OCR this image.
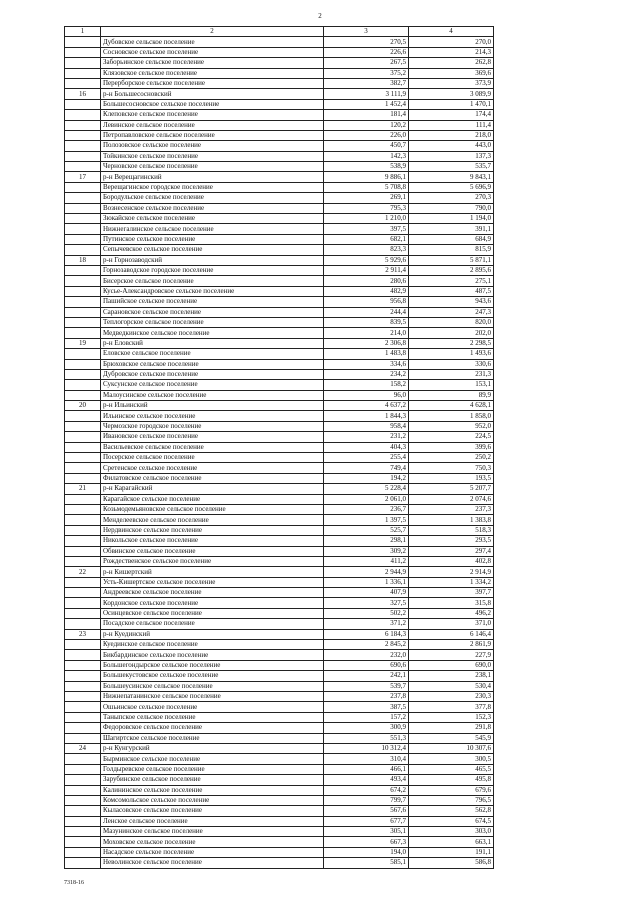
2
1	2	3	4
	Дубовское сельское поселение	270,5	270,0
	Сосновское сельское поселение	226,6	214,3
	Заборьинское сельское поселение	267,5	262,8
	Клязовское сельское поселение	375,2	369,6
	Перерборское сельское поселение	382,7	373,9
16	р-н Большесосновский	3 111,9	3 089,9
	Большесосновское сельское поселение	1 452,4	1 470,1
	Клеповское сельское поселение	181,4	174,4
	Левинское сельское поселение	120,2	111,4
	Петропавловское сельское поселение	226,0	218,0
	Полозовское сельское поселение	450,7	443,0
	Тойкинское сельское поселение	142,3	137,3
	Черновское сельское поселение	538,9	535,7
17	р-н Верещагинский	9 886,1	9 843,1
	Верещагинское городское поселение	5 708,8	5 696,9
	Бородульское сельское поселение	269,1	270,3
	Вознесенское сельское поселение	795,3	790,0
	Зюкайское сельское поселение	1 210,0	1 194,0
	Нижнегалинское сельское поселение	397,5	391,1
	Путинское сельское поселение	682,1	684,9
	Сепычевское сельское поселение	823,3	815,9
18	р-н Горнозаводский	5 929,6	5 871,1
	Горнозаводское городское поселение	2 911,4	2 895,6
	Бисерское сельское поселение	280,6	275,1
	Кусье-Александровское сельское поселение	482,9	487,5
	Пашийское сельское поселение	956,8	943,6
	Сарановское сельское поселение	244,4	247,3
	Теплогорское сельское поселение	839,5	820,0
	Медведкинское сельское поселение	214,0	202,0
19	р-н Еловский	2 306,8	2 298,5
	Еловское сельское поселение	1 483,8	1 493,6
	Брюховское сельское поселение	334,6	330,6
	Дубровское сельское поселение	234,2	231,3
	Суксунское сельское поселение	158,2	153,1
	Малоусинское сельское поселение	96,0	89,9
20	р-н Ильинский	4 637,2	4 628,1
	Ильинское сельское поселение	1 844,3	1 858,0
	Чермозское городское поселение	958,4	952,0
	Ивановское сельское поселение	231,2	224,5
	Васильевское сельское поселение	404,3	399,6
	Посерское сельское поселение	255,4	250,2
	Сретенское сельское поселение	749,4	750,3
	Филатовское сельское поселение	194,2	193,5
21	р-н Карагайский	5 228,4	5 207,7
	Карагайское сельское поселение	2 061,0	2 074,6
	Козьмодемьяновское сельское поселение	236,7	237,3
	Менделеевское сельское поселение	1 397,5	1 383,8
	Нердвинское сельское поселение	525,7	518,3
	Никольское сельское поселение	298,1	293,5
	Обвинское сельское поселение	309,2	297,4
	Рождественское сельское поселение	411,2	402,8
22	р-н Кишертский	2 944,9	2 914,9
	Усть-Кишертское сельское поселение	1 336,1	1 334,2
	Андреевское сельское поселение	407,9	397,7
	Кордонское сельское поселение	327,5	315,8
	Осинцевское сельское поселение	502,2	496,2
	Посадское сельское поселение	371,2	371,0
23	р-н Куединский	6 184,3	6 146,4
	Куединское сельское поселение	2 845,2	2 861,9
	Бикбардинское сельское поселение	232,0	227,9
	Большегондырское сельское поселение	690,6	690,0
	Большекустовское сельское поселение	242,1	238,1
	Большеусинское сельское поселение	539,7	530,4
	Нижнепатанинское сельское поселение	237,8	230,3
	Ошьинское сельское поселение	387,5	377,8
	Таныпское сельское поселение	157,2	152,3
	Федоровское сельское поселение	300,9	291,8
	Шагиртское сельское поселение	551,3	545,9
24	р-н Кунгурский	10 312,4	10 307,6
	Бырминское сельское поселение	310,4	300,5
	Голдыревское сельское поселение	466,1	465,5
	Зарубинское сельское поселение	493,4	495,8
	Калининское сельское поселение	674,2	679,6
	Комсомольское сельское поселение	799,7	796,5
	Кыласовское сельское поселение	567,6	562,8
	Ленское сельское поселение	677,7	674,5
	Мазунинское сельское поселение	305,1	303,0
	Моховское сельское поселение	667,3	663,1
	Насадское сельское поселение	194,0	191,1
	Неволинское сельское поселение	585,1	586,8
7318-16
